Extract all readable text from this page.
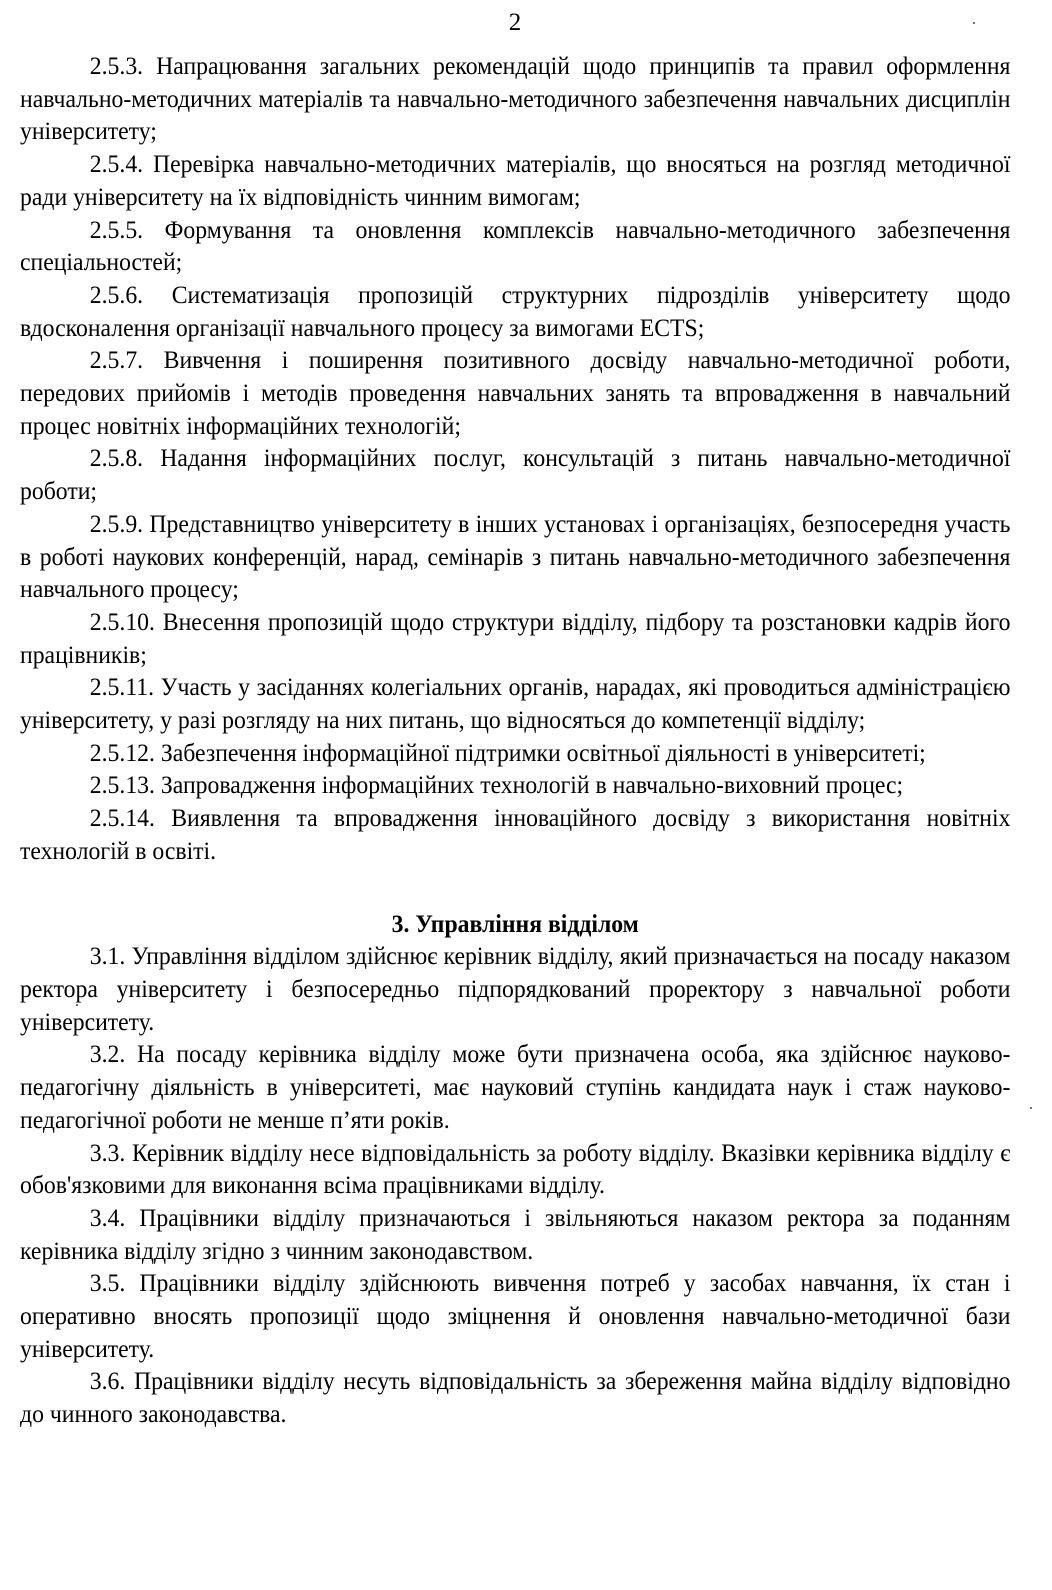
2

2.5.3. Напрацювання загальних рекомендацій щодо принципів та правил оформлення навчально-методичних матеріалів та навчально-методичного забезпечення навчальних дисциплін університету;

2.5.4. Перевірка навчально-методичних матеріалів, що вносяться на розгляд методичної ради університету на їх відповідність чинним вимогам;

2.5.5. Формування та оновлення комплексів навчально-методичного забезпечення спеціальностей;

2.5.6. Систематизація пропозицій структурних підрозділів університету щодо вдосконалення організації навчального процесу за вимогами ECTS;

2.5.7. Вивчення і поширення позитивного досвіду навчально-методичної роботи, передових прийомів і методів проведення навчальних занять та впровадження в навчальний процес новітніх інформаційних технологій;

2.5.8. Надання інформаційних послуг, консультацій з питань навчально-методичної роботи;

2.5.9. Представництво університету в інших установах і організаціях, безпосередня участь в роботі наукових конференцій, нарад, семінарів з питань навчально-методичного забезпечення навчального процесу;

2.5.10. Внесення пропозицій щодо структури відділу, підбору та розстановки кадрів його працівників;

2.5.11. Участь у засіданнях колегіальних органів, нарадах, які проводиться адміністрацією університету, у разі розгляду на них питань, що відносяться до компетенції відділу;

2.5.12. Забезпечення інформаційної підтримки освітньої діяльності в університеті;

2.5.13. Запровадження інформаційних технологій в навчально-виховний процес;

2.5.14. Виявлення та впровадження інноваційного досвіду з використання новітніх технологій в освіті.

3. Управління відділом

3.1. Управління відділом здійснює керівник відділу, який призначається на посаду наказом ректора університету і безпосередньо підпорядкований проректору з навчальної роботи університету.

3.2. На посаду керівника відділу може бути призначена особа, яка здійснює науково-педагогічну діяльність в університеті, має науковий ступінь кандидата наук і стаж науково-педагогічної роботи не менше п’яти років.

3.3. Керівник відділу несе відповідальність за роботу відділу. Вказівки керівника відділу є обов'язковими для виконання всіма працівниками відділу.

3.4. Працівники відділу призначаються і звільняються наказом ректора за поданням керівника відділу згідно з чинним законодавством.

3.5. Працівники відділу здійснюють вивчення потреб у засобах навчання, їх стан і оперативно вносять пропозиції щодо зміцнення й оновлення навчально-методичної бази університету.

3.6. Працівники відділу несуть відповідальність за збереження майна відділу відповідно до чинного законодавства.
